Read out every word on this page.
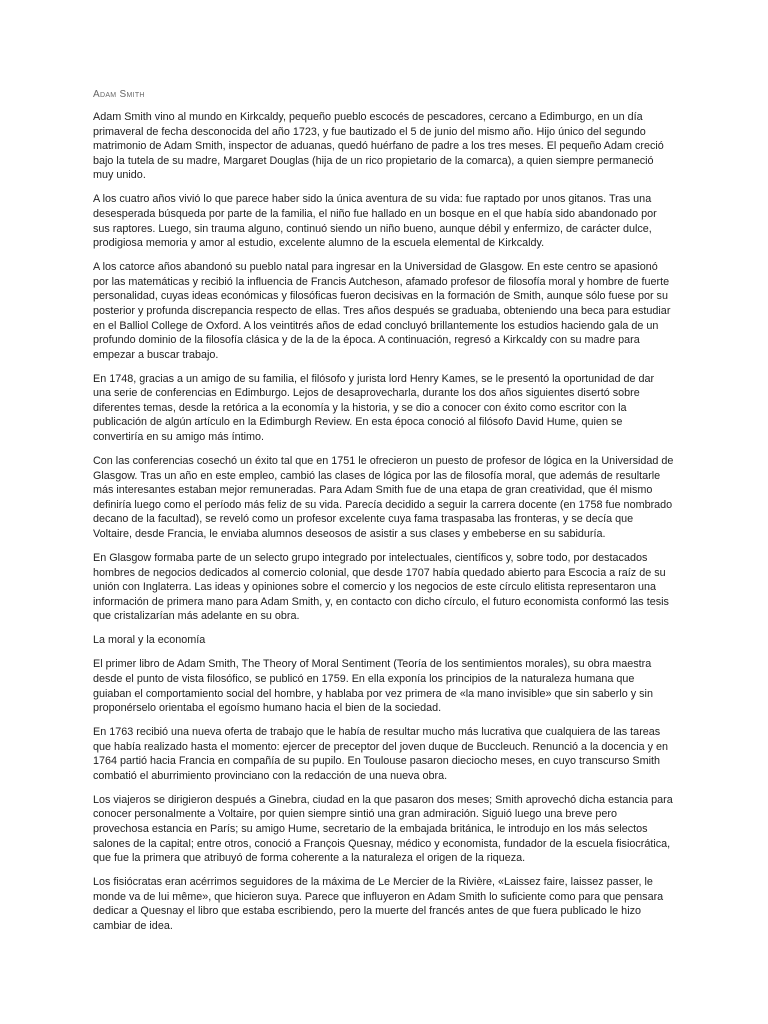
Adam Smith

Adam Smith vino al mundo en Kirkcaldy, pequeño pueblo escocés de pescadores, cercano a Edimburgo, en un día primaveral de fecha desconocida del año 1723, y fue bautizado el 5 de junio del mismo año. Hijo único del segundo matrimonio de Adam Smith, inspector de aduanas, quedó huérfano de padre a los tres meses. El pequeño Adam creció bajo la tutela de su madre, Margaret Douglas (hija de un rico propietario de la comarca), a quien siempre permaneció muy unido.

A los cuatro años vivió lo que parece haber sido la única aventura de su vida: fue raptado por unos gitanos. Tras una desesperada búsqueda por parte de la familia, el niño fue hallado en un bosque en el que había sido abandonado por sus raptores. Luego, sin trauma alguno, continuó siendo un niño bueno, aunque débil y enfermizo, de carácter dulce, prodigiosa memoria y amor al estudio, excelente alumno de la escuela elemental de Kirkcaldy.

A los catorce años abandonó su pueblo natal para ingresar en la Universidad de Glasgow. En este centro se apasionó por las matemáticas y recibió la influencia de Francis Autcheson, afamado profesor de filosofía moral y hombre de fuerte personalidad, cuyas ideas económicas y filosóficas fueron decisivas en la formación de Smith, aunque sólo fuese por su posterior y profunda discrepancia respecto de ellas. Tres años después se graduaba, obteniendo una beca para estudiar en el Balliol College de Oxford. A los veintitrés años de edad concluyó brillantemente los estudios haciendo gala de un profundo dominio de la filosofía clásica y de la de la época. A continuación, regresó a Kirkcaldy con su madre para empezar a buscar trabajo.

En 1748, gracias a un amigo de su familia, el filósofo y jurista lord Henry Kames, se le presentó la oportunidad de dar una serie de conferencias en Edimburgo. Lejos de desaprovecharla, durante los dos años siguientes disertó sobre diferentes temas, desde la retórica a la economía y la historia, y se dio a conocer con éxito como escritor con la publicación de algún artículo en la Edimburgh Review. En esta época conoció al filósofo David Hume, quien se convertiría en su amigo más íntimo.

Con las conferencias cosechó un éxito tal que en 1751 le ofrecieron un puesto de profesor de lógica en la Universidad de Glasgow. Tras un año en este empleo, cambió las clases de lógica por las de filosofía moral, que además de resultarle más interesantes estaban mejor remuneradas. Para Adam Smith fue de una etapa de gran creatividad, que él mismo definiría luego como el período más feliz de su vida. Parecía decidido a seguir la carrera docente (en 1758 fue nombrado decano de la facultad), se reveló como un profesor excelente cuya fama traspasaba las fronteras, y se decía que Voltaire, desde Francia, le enviaba alumnos deseosos de asistir a sus clases y embeberse en su sabiduría.

En Glasgow formaba parte de un selecto grupo integrado por intelectuales, científicos y, sobre todo, por destacados hombres de negocios dedicados al comercio colonial, que desde 1707 había quedado abierto para Escocia a raíz de su unión con Inglaterra. Las ideas y opiniones sobre el comercio y los negocios de este círculo elitista representaron una información de primera mano para Adam Smith, y, en contacto con dicho círculo, el futuro economista conformó las tesis que cristalizarían más adelante en su obra.

La moral y la economía

El primer libro de Adam Smith, The Theory of Moral Sentiment (Teoría de los sentimientos morales), su obra maestra desde el punto de vista filosófico, se publicó en 1759. En ella exponía los principios de la naturaleza humana que guiaban el comportamiento social del hombre, y hablaba por vez primera de «la mano invisible» que sin saberlo y sin proponérselo orientaba el egoísmo humano hacia el bien de la sociedad.

En 1763 recibió una nueva oferta de trabajo que le había de resultar mucho más lucrativa que cualquiera de las tareas que había realizado hasta el momento: ejercer de preceptor del joven duque de Buccleuch. Renunció a la docencia y en 1764 partió hacia Francia en compañía de su pupilo. En Toulouse pasaron dieciocho meses, en cuyo transcurso Smith combatió el aburrimiento provinciano con la redacción de una nueva obra.

Los viajeros se dirigieron después a Ginebra, ciudad en la que pasaron dos meses; Smith aprovechó dicha estancia para conocer personalmente a Voltaire, por quien siempre sintió una gran admiración. Siguió luego una breve pero provechosa estancia en París; su amigo Hume, secretario de la embajada británica, le introdujo en los más selectos salones de la capital; entre otros, conoció a François Quesnay, médico y economista, fundador de la escuela fisiocrática, que fue la primera que atribuyó de forma coherente a la naturaleza el origen de la riqueza.

Los fisiócratas eran acérrimos seguidores de la máxima de Le Mercier de la Rivière, «Laissez faire, laissez passer, le monde va de lui même», que hicieron suya. Parece que influyeron en Adam Smith lo suficiente como para que pensara dedicar a Quesnay el libro que estaba escribiendo, pero la muerte del francés antes de que fuera publicado le hizo cambiar de idea.
